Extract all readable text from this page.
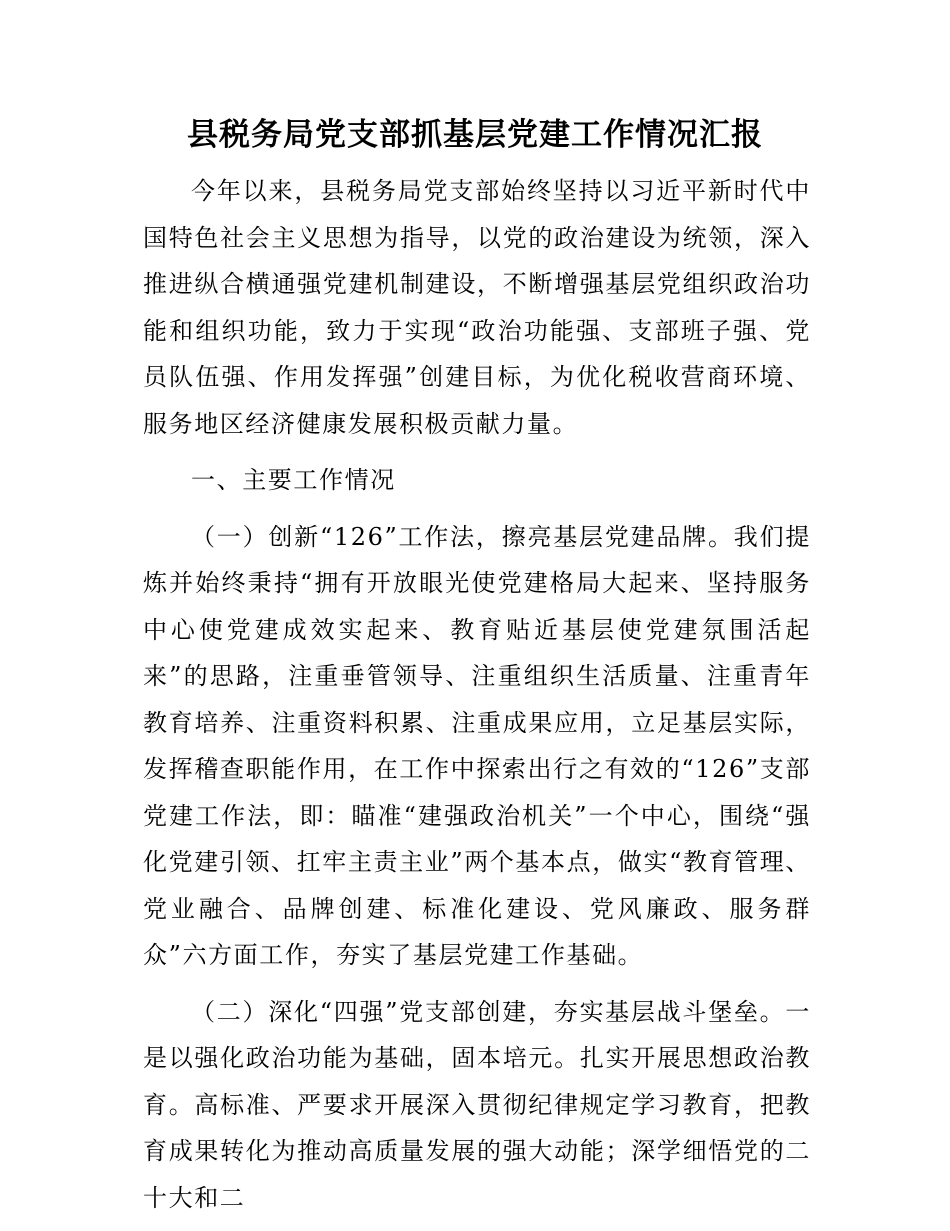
县税务局党支部抓基层党建工作情况汇报

今年以来，县税务局党支部始终坚持以习近平新时代中国特色社会主义思想为指导，以党的政治建设为统领，深入推进纵合横通强党建机制建设，不断增强基层党组织政治功能和组织功能，致力于实现“政治功能强、支部班子强、党员队伍强、作用发挥强”创建目标，为优化税收营商环境、服务地区经济健康发展积极贡献力量。

一、主要工作情况

（一）创新“126”工作法，擦亮基层党建品牌。我们提炼并始终秉持“拥有开放眼光使党建格局大起来、坚持服务中心使党建成效实起来、教育贴近基层使党建氛围活起来”的思路，注重垂管领导、注重组织生活质量、注重青年教育培养、注重资料积累、注重成果应用，立足基层实际，发挥稽查职能作用，在工作中探索出行之有效的“126”支部党建工作法，即：瞄准“建强政治机关”一个中心，围绕“强化党建引领、扛牢主责主业”两个基本点，做实“教育管理、党业融合、品牌创建、标准化建设、党风廉政、服务群众”六方面工作，夯实了基层党建工作基础。

（二）深化“四强”党支部创建，夯实基层战斗堡垒。一是以强化政治功能为基础，固本培元。扎实开展思想政治教育。高标准、严要求开展深入贯彻纪律规定学习教育，把教育成果转化为推动高质量发展的强大动能；深学细悟党的二十大和二
